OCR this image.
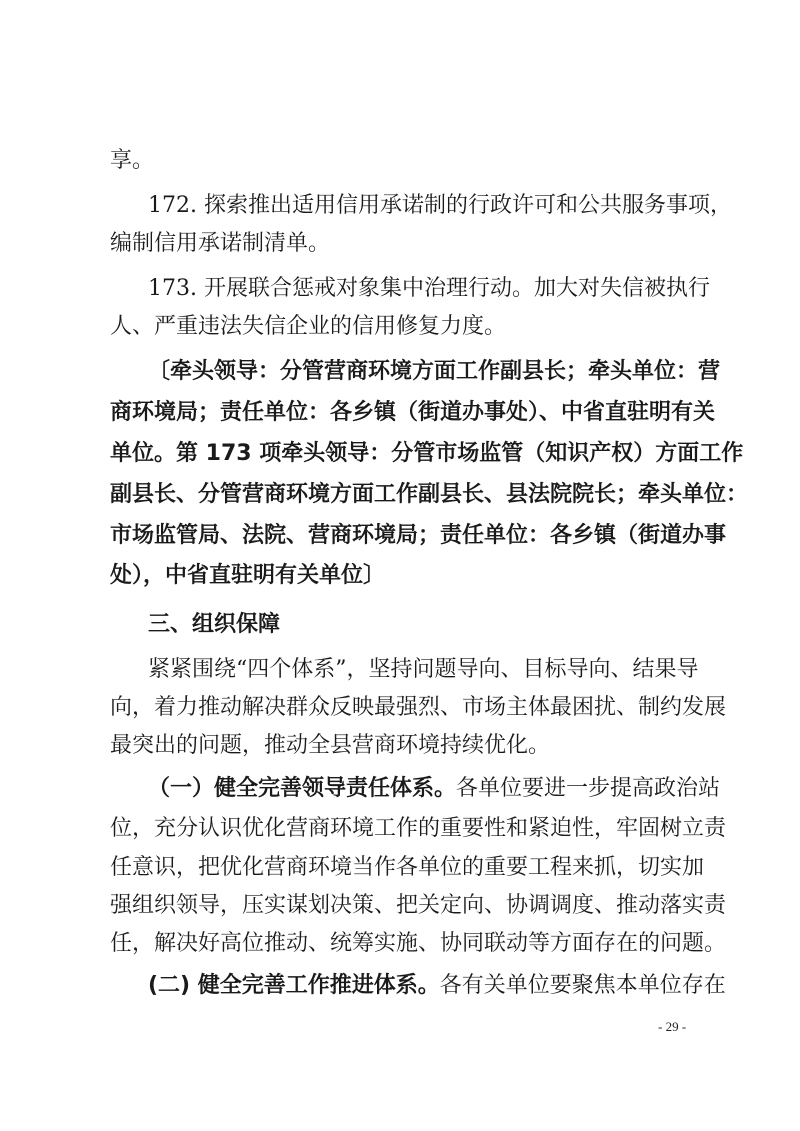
享。
172. 探索推出适用信用承诺制的行政许可和公共服务事项，
编制信用承诺制清单。
173. 开展联合惩戒对象集中治理行动。加大对失信被执行
人、严重违法失信企业的信用修复力度。
〔牵头领导：分管营商环境方面工作副县长；牵头单位：营
商环境局；责任单位：各乡镇（街道办事处）、中省直驻明有关
单位。第 173 项牵头领导：分管市场监管（知识产权）方面工作
副县长、分管营商环境方面工作副县长、县法院院长；牵头单位：
市场监管局、法院、营商环境局；责任单位：各乡镇（街道办事
处），中省直驻明有关单位〕
三、组织保障
紧紧围绕“四个体系”，坚持问题导向、目标导向、结果导
向，着力推动解决群众反映最强烈、市场主体最困扰、制约发展
最突出的问题，推动全县营商环境持续优化。
（一）健全完善领导责任体系。各单位要进一步提高政治站
位，充分认识优化营商环境工作的重要性和紧迫性，牢固树立责
任意识，把优化营商环境当作各单位的重要工程来抓，切实加
强组织领导，压实谋划决策、把关定向、协调调度、推动落实责
任，解决好高位推动、统筹实施、协同联动等方面存在的问题。
(二) 健全完善工作推进体系。各有关单位要聚焦本单位存在
- 29 -
